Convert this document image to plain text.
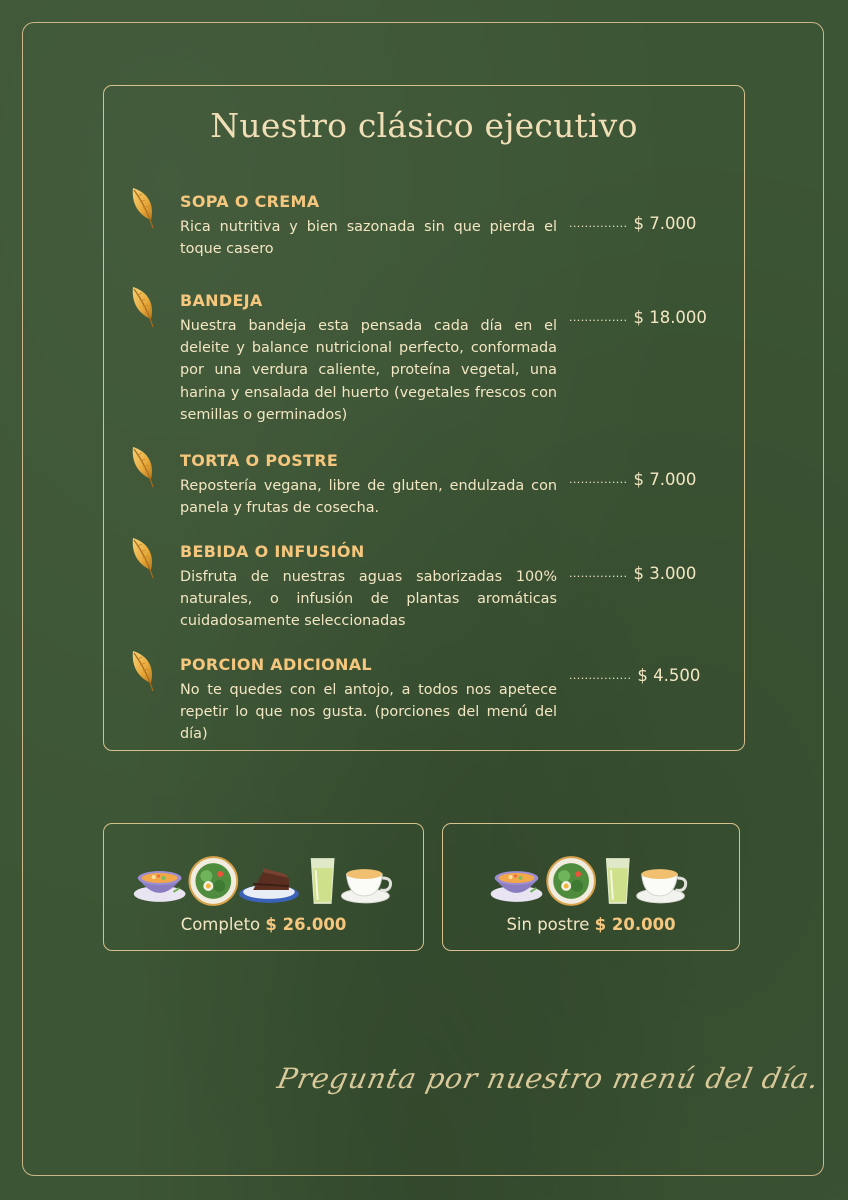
Nuestro clásico ejecutivo
SOPA O CREMA
Rica nutritiva y bien sazonada sin que pierda el toque casero
............... $ 7.000
BANDEJA
Nuestra bandeja esta pensada cada día en el deleite y balance nutricional perfecto, conformada por una verdura caliente, proteína vegetal, una harina y ensalada del huerto (vegetales frescos con semillas o germinados)
............... $ 18.000
TORTA O POSTRE
Repostería vegana, libre de gluten, endulzada con panela y frutas de cosecha.
............... $ 7.000
BEBIDA O INFUSIÓN
Disfruta de nuestras aguas saborizadas 100% naturales, o infusión de plantas aromáticas cuidadosamente seleccionadas
............... $ 3.000
PORCION ADICIONAL
No te quedes con el antojo, a todos nos apetece repetir lo que nos gusta. (porciones del menú del día)
................ $ 4.500
Completo $ 26.000	Sin postre $ 20.000
Pregunta por nuestro menú del día.
